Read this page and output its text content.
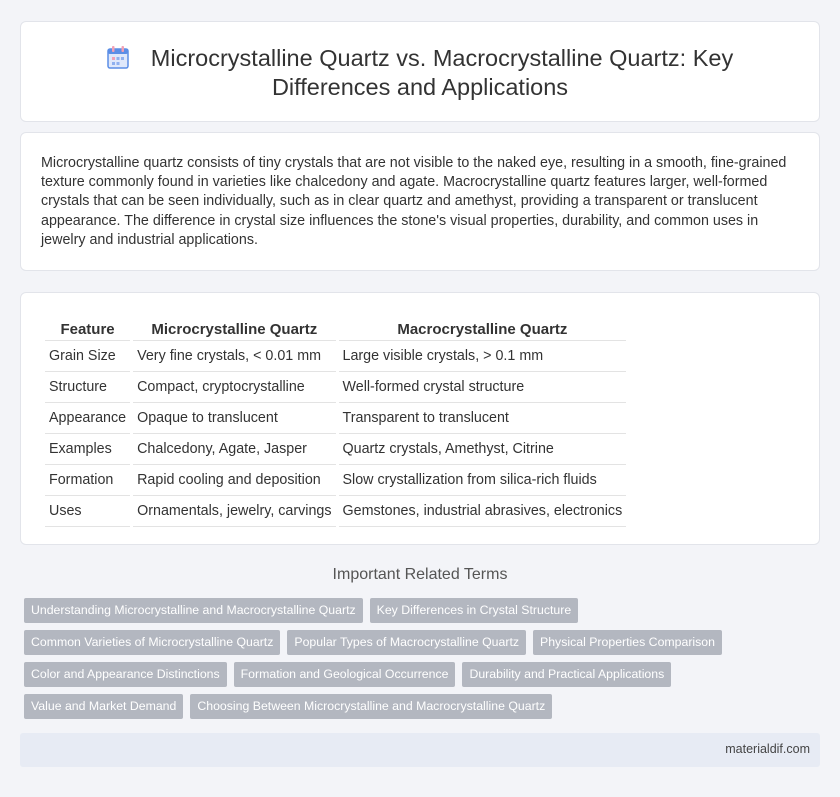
Microcrystalline Quartz vs. Macrocrystalline Quartz: Key
Differences and Applications

Microcrystalline quartz consists of tiny crystals that are not visible to the naked eye, resulting in a smooth, fine-grained texture commonly found in varieties like chalcedony and agate. Macrocrystalline quartz features larger, well-formed crystals that can be seen individually, such as in clear quartz and amethyst, providing a transparent or translucent appearance. The difference in crystal size influences the stone's visual properties, durability, and common uses in jewelry and industrial applications.

Feature	Microcrystalline Quartz	Macrocrystalline Quartz
Grain Size	Very fine crystals, < 0.01 mm	Large visible crystals, > 0.1 mm
Structure	Compact, cryptocrystalline	Well-formed crystal structure
Appearance	Opaque to translucent	Transparent to translucent
Examples	Chalcedony, Agate, Jasper	Quartz crystals, Amethyst, Citrine
Formation	Rapid cooling and deposition	Slow crystallization from silica-rich fluids
Uses	Ornamentals, jewelry, carvings	Gemstones, industrial abrasives, electronics
Important Related Terms
Understanding Microcrystalline and Macrocrystalline Quartz Key Differences in Crystal Structure
Common Varieties of Microcrystalline Quartz Popular Types of Macrocrystalline Quartz Physical Properties Comparison
Color and Appearance Distinctions Formation and Geological Occurrence Durability and Practical Applications
Value and Market Demand Choosing Between Microcrystalline and Macrocrystalline Quartz
materialdif.com
